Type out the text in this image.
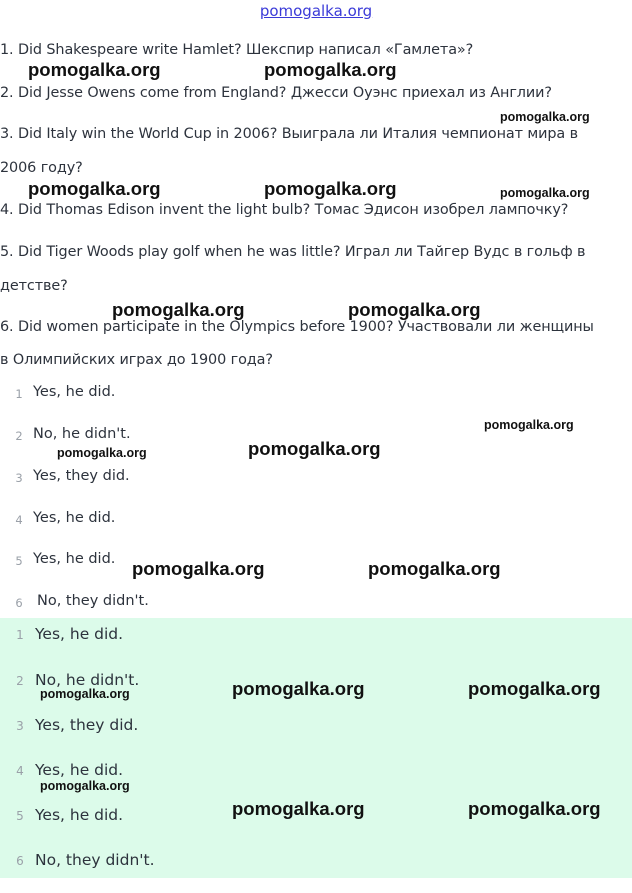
pomogalka.org
1. Did Shakespeare write Hamlet? Шекспир написал «Гамлета»?
2. Did Jesse Owens come from England? Джесси Оуэнс приехал из Англии?
3. Did Italy win the World Cup in 2006? Выиграла ли Италия чемпионат мира в
2006 году?
4. Did Thomas Edison invent the light bulb? Томас Эдисон изобрел лампочку?
5. Did Tiger Woods play golf when he was little? Играл ли Тайгер Вудс в гольф в
детстве?
6. Did women participate in the Olympics before 1900? Участвовали ли женщины
в Олимпийских играх до 1900 года?
1 Yes, he did.
2 No, he didn't.
3 Yes, they did.
4 Yes, he did.
5 Yes, he did.
6 No, they didn't.
1 Yes, he did.
2 No, he didn't.
3 Yes, they did.
4 Yes, he did.
5 Yes, he did.
6 No, they didn't.
pomogalka.org	pomogalka.org
pomogalka.org
pomogalka.org	pomogalka.org	pomogalka.org
pomogalka.org	pomogalka.org
pomogalka.org
pomogalka.org	pomogalka.org
pomogalka.org	pomogalka.org
pomogalka.org	pomogalka.org	pomogalka.org
pomogalka.org
pomogalka.org	pomogalka.org
